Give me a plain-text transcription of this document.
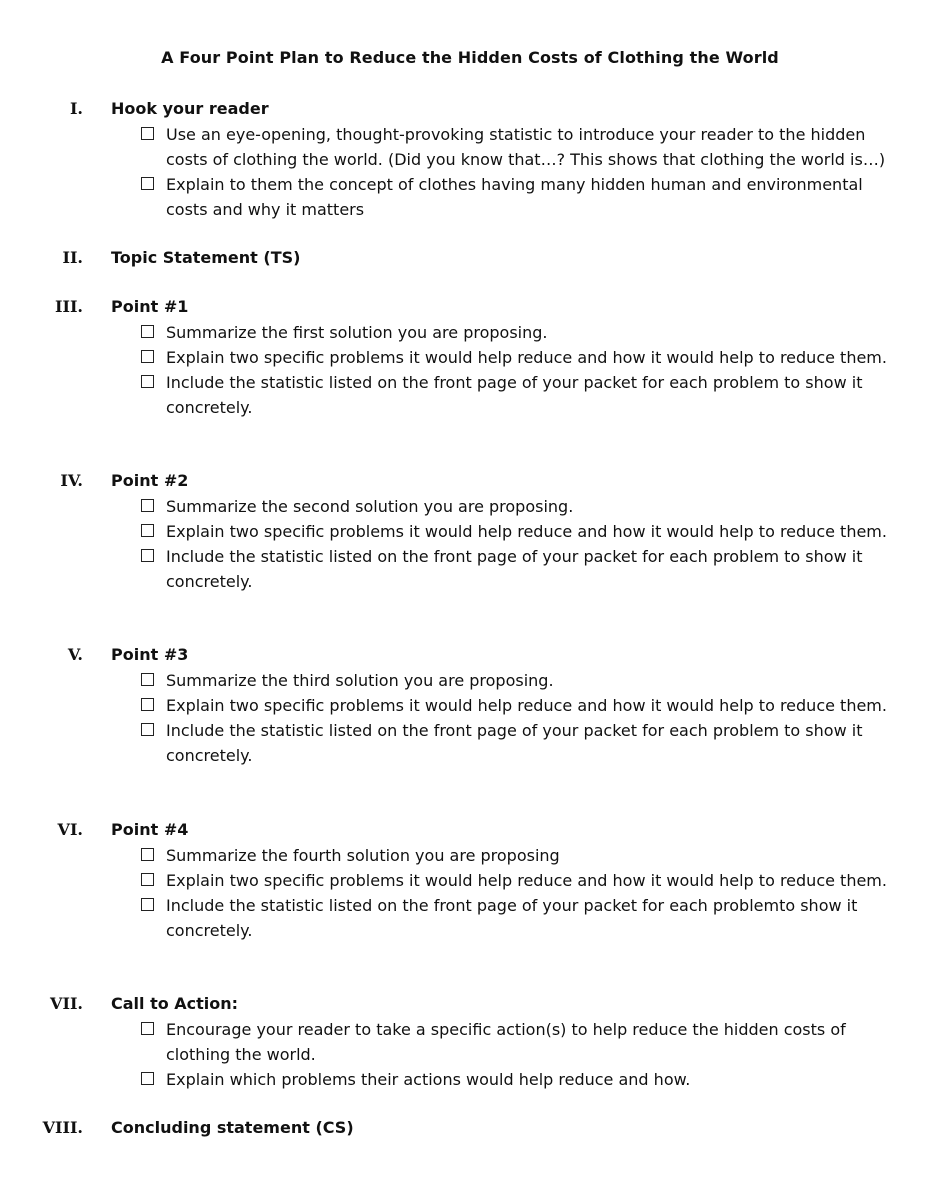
A Four Point Plan to Reduce the Hidden Costs of Clothing the World
I. Hook your reader
Use an eye-opening, thought-provoking statistic to introduce your reader to the hidden costs of clothing the world. (Did you know that…? This shows that clothing the world is…)
Explain to them the concept of clothes having many hidden human and environmental costs and why it matters
II. Topic Statement (TS)
III. Point #1
Summarize the first solution you are proposing.
Explain two specific problems it would help reduce and how it would help to reduce them.
Include the statistic listed on the front page of your packet for each problem to show it concretely.
IV. Point #2
Summarize the second solution you are proposing.
Explain two specific problems it would help reduce and how it would help to reduce them.
Include the statistic listed on the front page of your packet for each problem to show it concretely.
V. Point #3
Summarize the third solution you are proposing.
Explain two specific problems it would help reduce and how it would help to reduce them.
Include the statistic listed on the front page of your packet for each problem to show it concretely.
VI. Point #4
Summarize the fourth solution you are proposing
Explain two specific problems it would help reduce and how it would help to reduce them.
Include the statistic listed on the front page of your packet for each problemto show it concretely.
VII. Call to Action:
Encourage your reader to take a specific action(s) to help reduce the hidden costs of clothing the world.
Explain which problems their actions would help reduce and how.
VIII. Concluding statement (CS)
